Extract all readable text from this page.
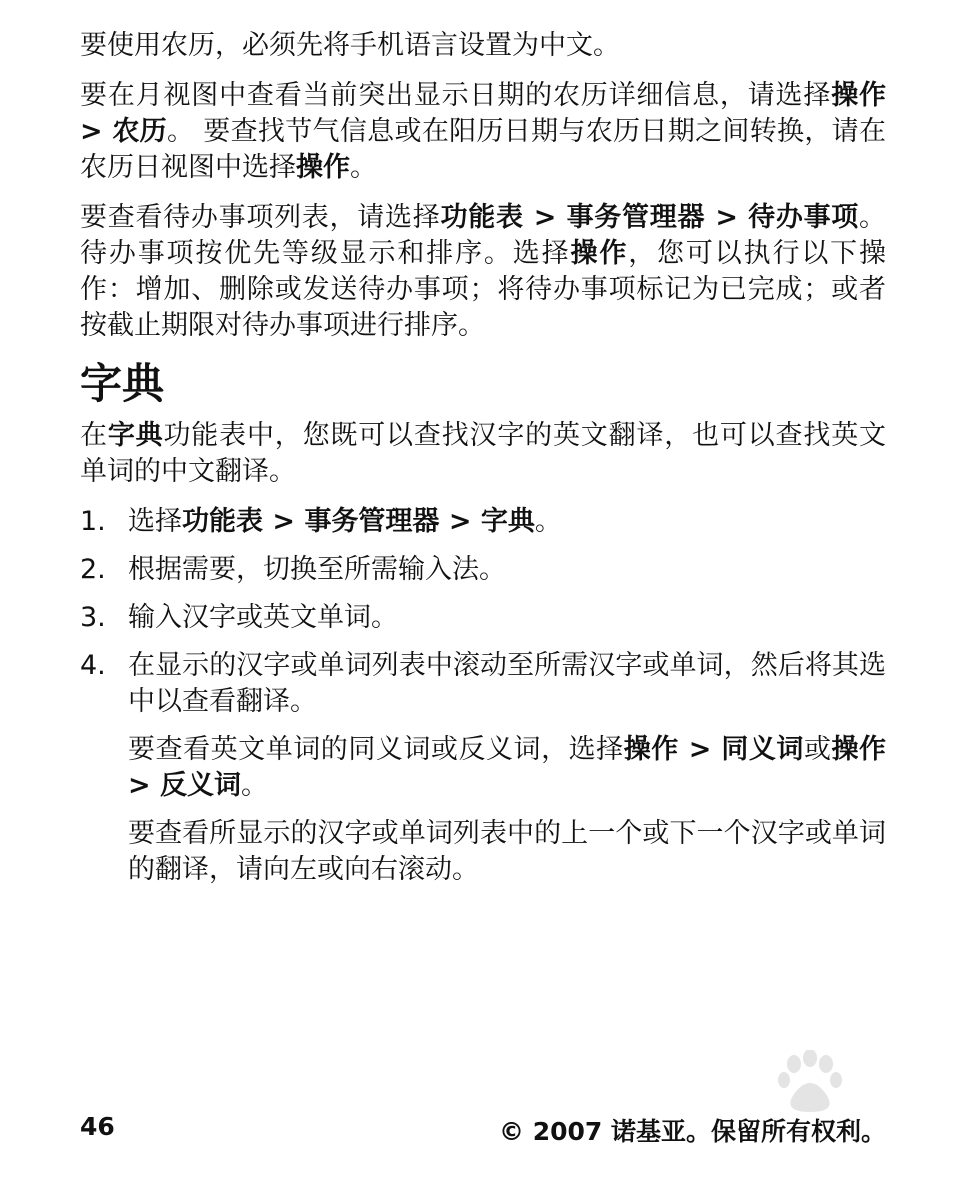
要使用农历，必须先将手机语言设置为中文。

要在月视图中查看当前突出显示日期的农历详细信息，请选择操作 > 农历。 要查找节气信息或在阳历日期与农历日期之间转换，请在农历日视图中选择操作。

要查看待办事项列表，请选择功能表 > 事务管理器 > 待办事项。待办事项按优先等级显示和排序。选择操作，您可以执行以下操作：增加、删除或发送待办事项；将待办事项标记为已完成；或者按截止期限对待办事项进行排序。

字典

在字典功能表中，您既可以查找汉字的英文翻译，也可以查找英文单词的中文翻译。

1. 选择功能表 > 事务管理器 > 字典。
2. 根据需要，切换至所需输入法。
3. 输入汉字或英文单词。
4. 在显示的汉字或单词列表中滚动至所需汉字或单词，然后将其选中以查看翻译。
要查看英文单词的同义词或反义词，选择操作 > 同义词或操作 > 反义词。
要查看所显示的汉字或单词列表中的上一个或下一个汉字或单词的翻译，请向左或向右滚动。
46	© 2007 诺基亚。保留所有权利。
